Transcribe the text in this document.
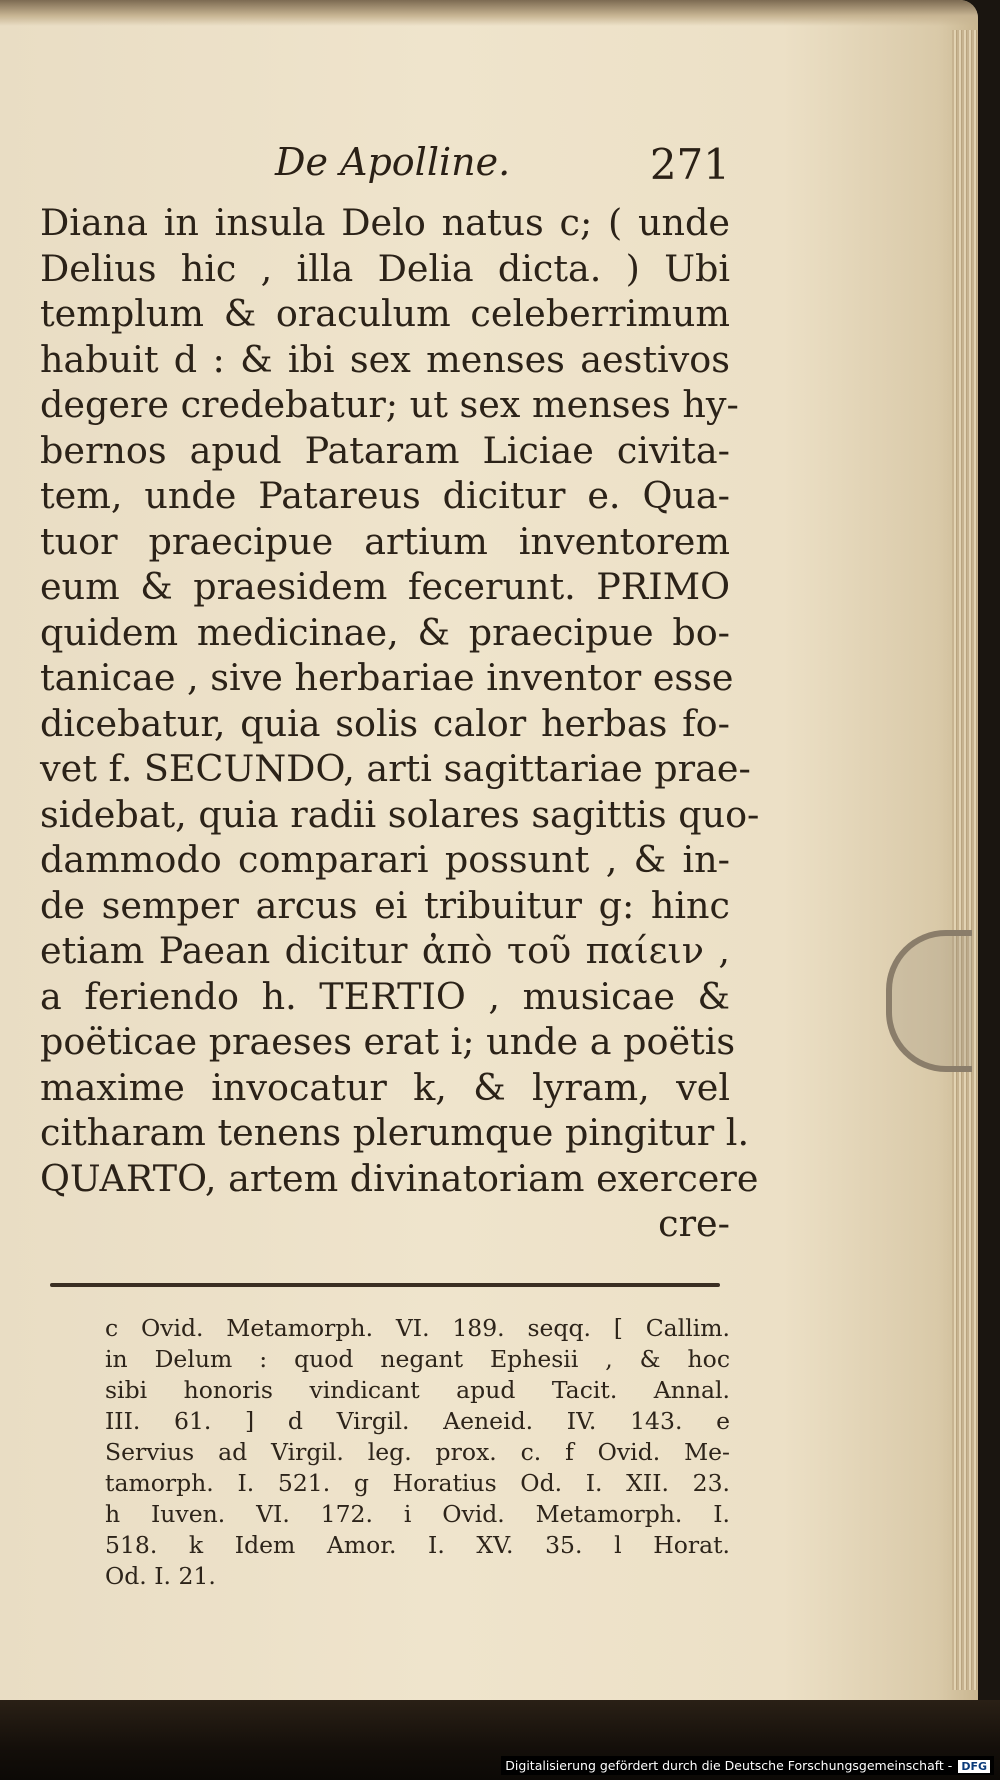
De Apolline.	271
Diana in insula Delo natus c; ( unde
Delius hic , illa Delia dicta. ) Ubi
templum & oraculum celeberrimum
habuit d : & ibi sex menses aestivos
degere credebatur; ut sex menses hy-
bernos apud Pataram Liciae civita-
tem, unde Patareus dicitur e. Qua-
tuor praecipue artium inventorem
eum & praesidem fecerunt. PRIMO
quidem medicinae, & praecipue bo-
tanicae , sive herbariae inventor esse
dicebatur, quia solis calor herbas fo-
vet f. SECUNDO, arti sagittariae prae-
sidebat, quia radii solares sagittis quo-
dammodo comparari possunt , & in-
de semper arcus ei tribuitur g: hinc
etiam Paean dicitur ἀπὸ τοῦ παίειν ,
a feriendo h. TERTIO , musicae &
poëticae praeses erat i; unde a poëtis
maxime invocatur k, & lyram, vel
citharam tenens plerumque pingitur l.
QUARTO, artem divinatoriam exercere
cre-
c Ovid. Metamorph. VI. 189. seqq. [ Callim.
in Delum : quod negant Ephesii , & hoc
sibi honoris vindicant apud Tacit. Annal.
III. 61. ] d Virgil. Aeneid. IV. 143. e
Servius ad Virgil. leg. prox. c. f Ovid. Me-
tamorph. I. 521. g Horatius Od. I. XII. 23.
h Iuven. VI. 172. i Ovid. Metamorph. I.
518. k Idem Amor. I. XV. 35. l Horat.
Od. I. 21.
Digitalisierung gefördert durch die Deutsche Forschungsgemeinschaft - DFG
